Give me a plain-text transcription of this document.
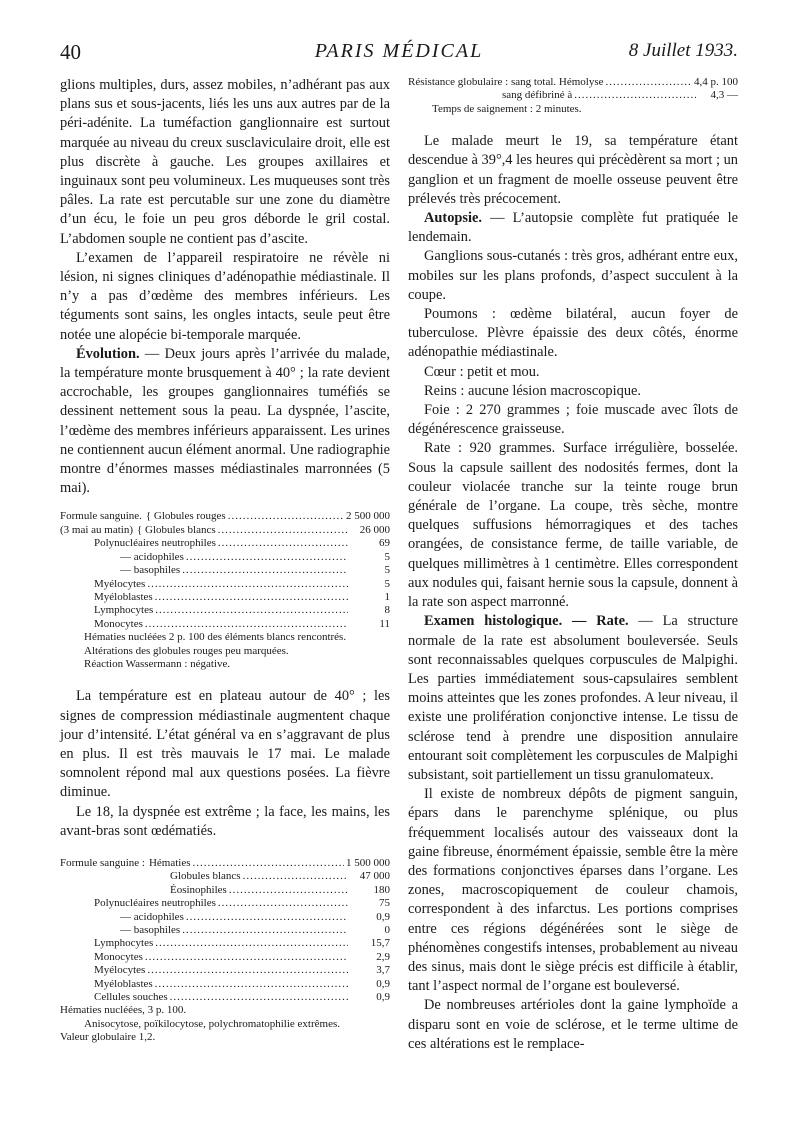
40	PARIS MÉDICAL	8 Juillet 1933.

glions multiples, durs, assez mobiles, n’adhérant pas aux plans sus et sous-jacents, liés les uns aux autres par de la péri-adénite. La tuméfaction ganglionnaire est surtout marquée au niveau du creux susclaviculaire droit, elle est plus discrète à gauche. Les groupes axillaires et inguinaux sont peu volumineux. Les muqueuses sont très pâles. La rate est percutable sur une zone du diamètre d’un écu, le foie un peu gros déborde le gril costal. L’abdomen souple ne contient pas d’ascite.

L’examen de l’appareil respiratoire ne révèle ni lésion, ni signes cliniques d’adénopathie médiastinale. Il n’y a pas d’œdème des membres inférieurs. Les téguments sont sains, les ongles intacts, seule peut être notée une alopécie bi-temporale marquée.

Évolution. — Deux jours après l’arrivée du malade, la température monte brusquement à 40° ; la rate devient accrochable, les groupes ganglionnaires tuméfiés se dessinent nettement sous la peau. La dyspnée, l’ascite, l’œdème des membres inférieurs apparaissent. Les urines ne contiennent aucun élément anormal. Une radiographie montre d’énormes masses médiastinales marronnées (5 mai).

Formule sanguine. { Globules rouges .....	2 500 000
(3 mai au matin) { Globules blancs .....	26 000
Polynucléaires neutrophiles .....	69
— acidophiles .....	5
— basophiles .....	5
Myélocytes .....	5
Myéloblastes .....	1
Lymphocytes .....	8
Monocytes .....	11
Hématies nucléées 2 p. 100 des éléments blancs rencontrés.
Altérations des globules rouges peu marquées.
Réaction Wassermann : négative.

La température est en plateau autour de 40° ; les signes de compression médiastinale augmentent chaque jour d’intensité. L’état général va en s’aggravant de plus en plus. Il est très mauvais le 17 mai. Le malade somnolent répond mal aux questions posées. La fièvre diminue.

Le 18, la dyspnée est extrême ; la face, les mains, les avant-bras sont œdématiés.

Formule sanguine : Hématies .....	1 500 000
Globules blancs .....	47 000
Éosinophiles .....	180
Polynucléaires neutrophiles .....	75
— acidophiles .....	0,9
— basophiles .....	0
Lymphocytes .....	15,7
Monocytes .....	2,9
Myélocytes .....	3,7
Myéloblastes .....	0,9
Cellules souches .....	0,9
Hématies nucléées, 3 p. 100.
Anisocytose, poïkilocytose, polychromatophilie extrêmes.
Valeur globulaire 1,2.
Résistance globulaire : sang total. Hémolyse .....	4,4 p. 100
sang défibriné à .....	4,3 —
Temps de saignement : 2 minutes.

Le malade meurt le 19, sa température étant descendue à 39°,4 les heures qui précèdèrent sa mort ; un ganglion et un fragment de moelle osseuse peuvent être prélevés très précocement.

Autopsie. — L’autopsie complète fut pratiquée le lendemain.

Ganglions sous-cutanés : très gros, adhérant entre eux, mobiles sur les plans profonds, d’aspect succulent à la coupe.

Poumons : œdème bilatéral, aucun foyer de tuberculose. Plèvre épaissie des deux côtés, énorme adénopathie médiastinale.

Cœur : petit et mou.

Reins : aucune lésion macroscopique.

Foie : 2 270 grammes ; foie muscade avec îlots de dégénérescence graisseuse.

Rate : 920 grammes. Surface irrégulière, bosselée. Sous la capsule saillent des nodosités fermes, dont la couleur violacée tranche sur la teinte rouge brun générale de l’organe. La coupe, très sèche, montre quelques suffusions hémorragiques et des taches orangées, de consistance ferme, de taille variable, de quelques millimètres à 1 centimètre. Elles correspondent aux nodules qui, faisant hernie sous la capsule, donnent à la rate son aspect marronné.

Examen histologique. — Rate. — La structure normale de la rate est absolument bouleversée. Seuls sont reconnaissables quelques corpuscules de Malpighi. Les parties immédiatement sous-capsulaires semblent moins atteintes que les zones profondes. A leur niveau, il existe une prolifération conjonctive intense. Le tissu de sclérose tend à prendre une disposition annulaire entourant soit complètement les corpuscules de Malpighi subsistant, soit partiellement un tissu granulomateux.

Il existe de nombreux dépôts de pigment sanguin, épars dans le parenchyme splénique, ou plus fréquemment localisés autour des vaisseaux dont la gaine fibreuse, énormément épaissie, semble être la mère des formations conjonctives éparses dans l’organe. Les zones, macroscopiquement de couleur chamois, correspondent à des infarctus. Les portions comprises entre ces régions dégénérées sont le siège de phénomènes congestifs intenses, probablement au niveau des sinus, mais dont le siège précis est difficile à établir, tant l’aspect normal de l’organe est bouleversé.

De nombreuses artérioles dont la gaine lymphoïde a disparu sont en voie de sclérose, et le terme ultime de ces altérations est le remplace-
